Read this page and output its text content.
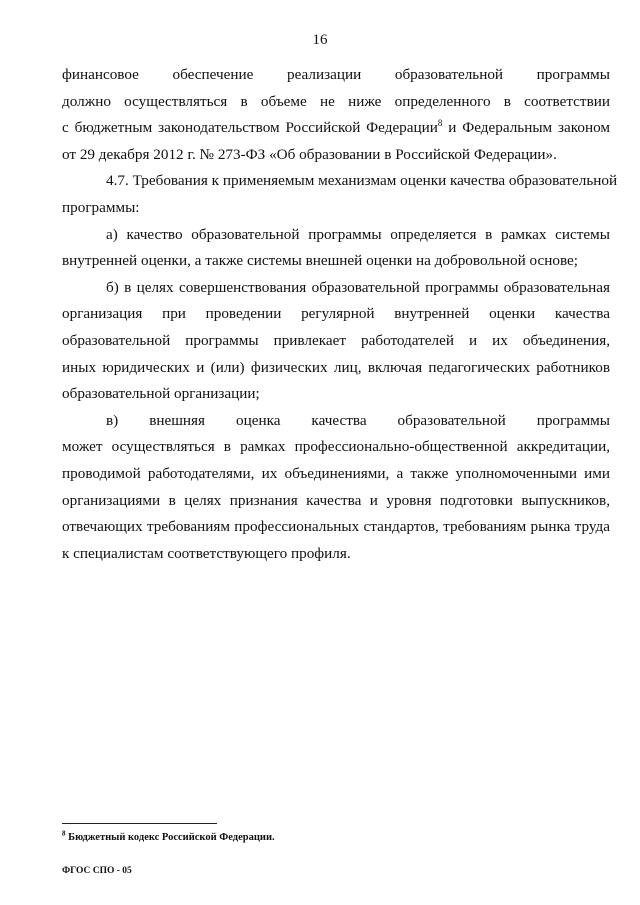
16

финансовое обеспечение реализации образовательной программы
должно осуществляться в объеме не ниже определенного в соответствии
с бюджетным законодательством Российской Федерации$^8$ и Федеральным законом
от 29 декабря 2012 г. № 273-ФЗ «Об образовании в Российской Федерации».

4.7. Требования к применяемым механизмам оценки качества образовательной

программы:

а) качество образовательной программы определяется в рамках системы
внутренней оценки, а также системы внешней оценки на добровольной основе;

б) в целях совершенствования образовательной программы образовательная
организация при проведении регулярной внутренней оценки качества
образовательной программы привлекает работодателей и их объединения,
иных юридических и (или) физических лиц, включая педагогических работников
образовательной организации;

в) внешняя оценка качества образовательной программы
может осуществляться в рамках профессионально-общественной аккредитации,
проводимой работодателями, их объединениями, а также уполномоченными ими
организациями в целях признания качества и уровня подготовки выпускников,
отвечающих требованиям профессиональных стандартов, требованиям рынка труда
к специалистам соответствующего профиля.

$^8$ Бюджетный кодекс Российской Федерации.
ФГОС СПО - 05
